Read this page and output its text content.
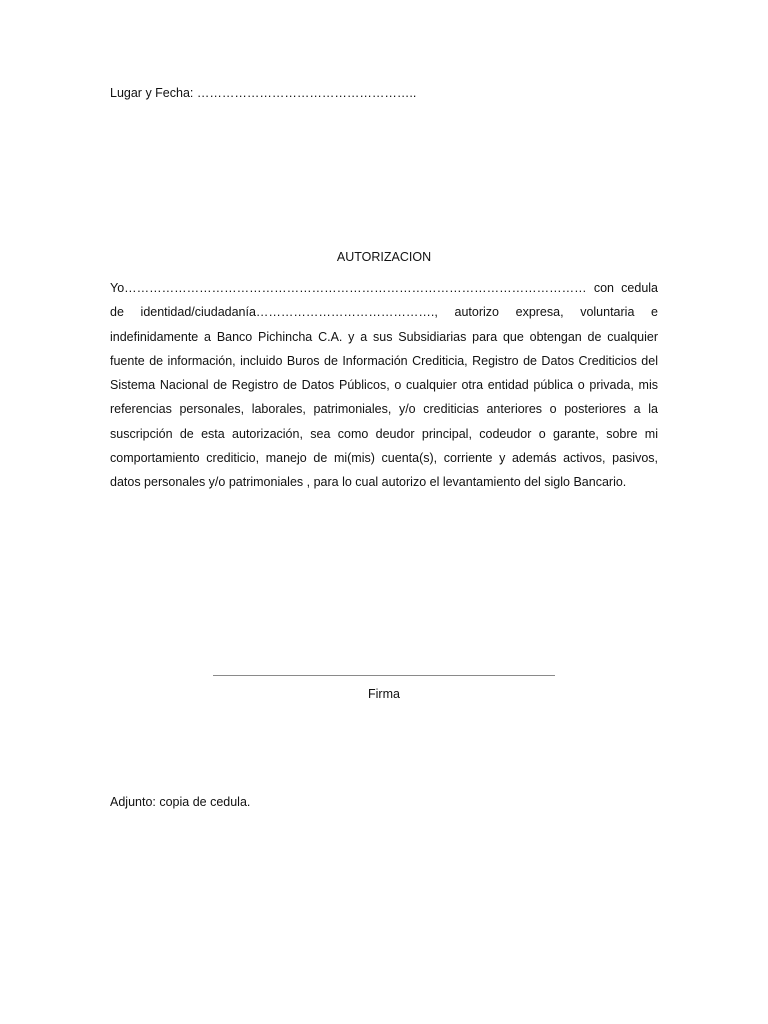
Lugar y Fecha: ……………………………………………..
AUTORIZACION

Yo………………………………………………………………………………………………… con cedula de identidad/ciudadanía……………………………………., autorizo expresa, voluntaria e indefinidamente a Banco Pichincha C.A. y a sus Subsidiarias para que obtengan de cualquier fuente de información, incluido Buros de Información Crediticia, Registro de Datos Crediticios del Sistema Nacional de Registro de Datos Públicos, o cualquier otra entidad pública o privada, mis referencias personales, laborales, patrimoniales, y/o crediticias anteriores o posteriores a la suscripción de esta autorización, sea como deudor principal, codeudor o garante, sobre mi comportamiento crediticio, manejo de mi(mis) cuenta(s), corriente y además activos, pasivos, datos personales y/o patrimoniales , para lo cual autorizo el levantamiento del siglo Bancario.

Firma
Adjunto: copia de cedula.
